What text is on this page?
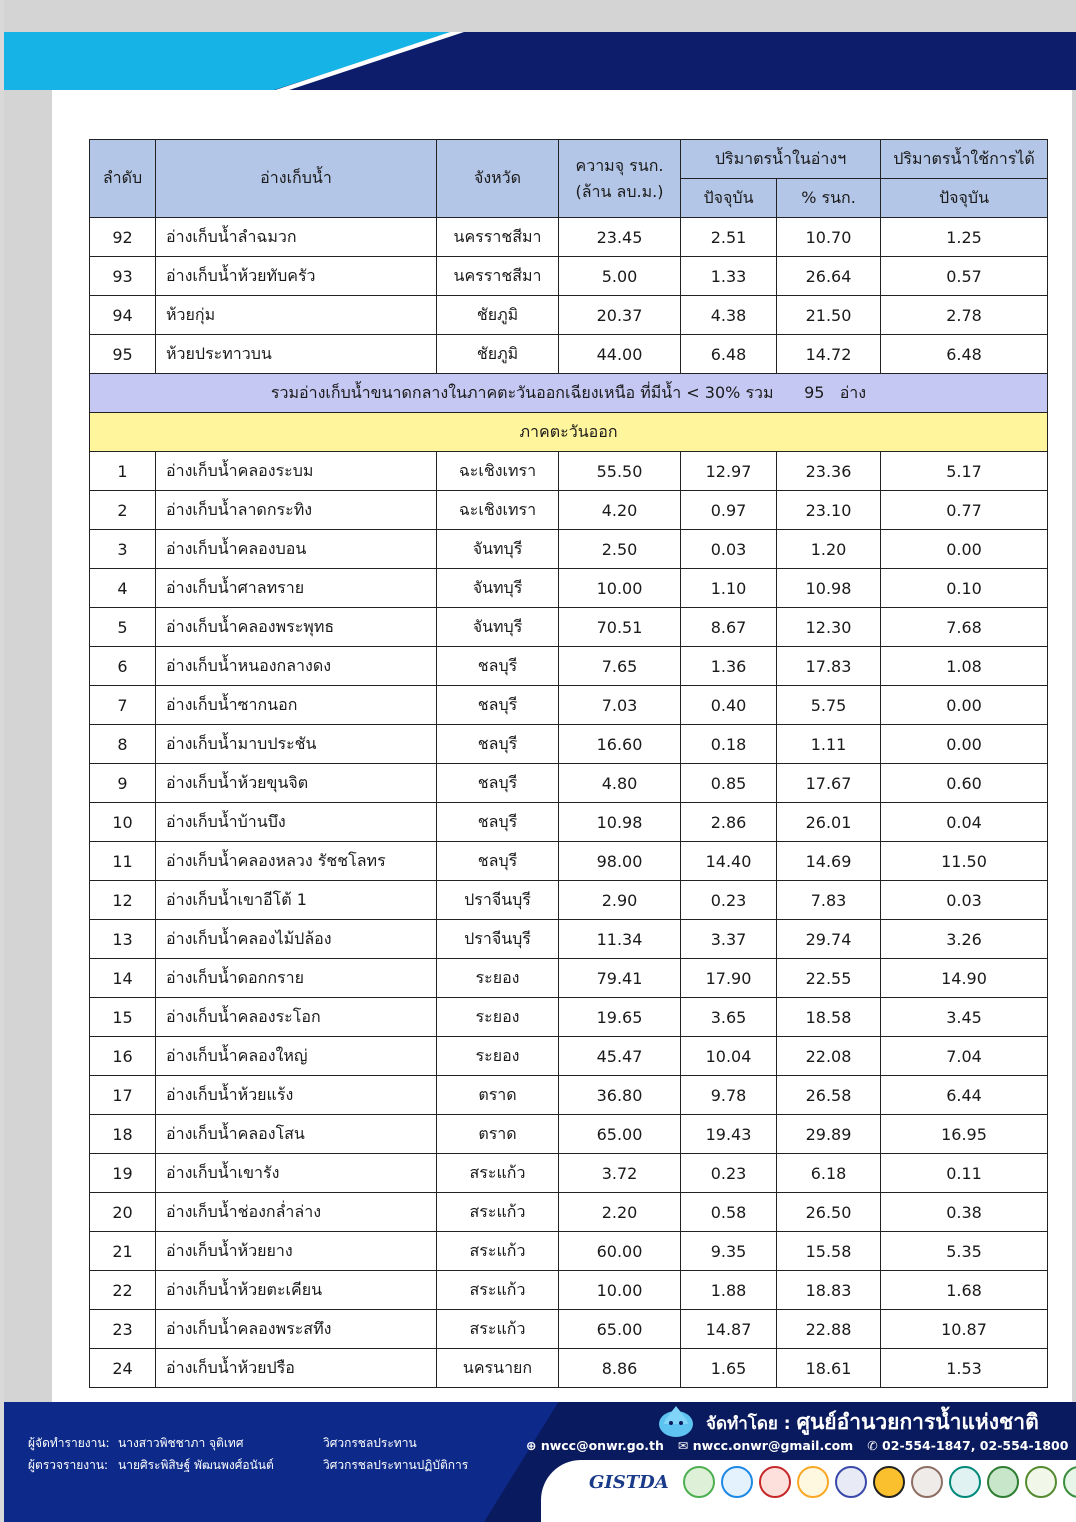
ลำดับ	อ่างเก็บน้ำ	จังหวัด	ความจุ รนก.
(ล้าน ลบ.ม.)	ปริมาตรน้ำในอ่างฯ		ปริมาตรน้ำใช้การได้
				ปัจจุบัน	% รนก.	ปัจจุบัน
92	อ่างเก็บน้ำลำฉมวก	นครราชสีมา	23.45	2.51	10.70	1.25
93	อ่างเก็บน้ำห้วยทับครัว	นครราชสีมา	5.00	1.33	26.64	0.57
94	ห้วยกุ่ม	ชัยภูมิ	20.37	4.38	21.50	2.78
95	ห้วยประทาวบน	ชัยภูมิ	44.00	6.48	14.72	6.48
รวมอ่างเก็บน้ำขนาดกลางในภาคตะวันออกเฉียงเหนือ ที่มีน้ำ < 30% รวม      95   อ่าง						
ภาคตะวันออก						
1	อ่างเก็บน้ำคลองระบม	ฉะเชิงเทรา	55.50	12.97	23.36	5.17
2	อ่างเก็บน้ำลาดกระทิง	ฉะเชิงเทรา	4.20	0.97	23.10	0.77
3	อ่างเก็บน้ำคลองบอน	จันทบุรี	2.50	0.03	1.20	0.00
4	อ่างเก็บน้ำศาลทราย	จันทบุรี	10.00	1.10	10.98	0.10
5	อ่างเก็บน้ำคลองพระพุทธ	จันทบุรี	70.51	8.67	12.30	7.68
6	อ่างเก็บน้ำหนองกลางดง	ชลบุรี	7.65	1.36	17.83	1.08
7	อ่างเก็บน้ำซากนอก	ชลบุรี	7.03	0.40	5.75	0.00
8	อ่างเก็บน้ำมาบประชัน	ชลบุรี	16.60	0.18	1.11	0.00
9	อ่างเก็บน้ำห้วยขุนจิต	ชลบุรี	4.80	0.85	17.67	0.60
10	อ่างเก็บน้ำบ้านบึง	ชลบุรี	10.98	2.86	26.01	0.04
11	อ่างเก็บน้ำคลองหลวง รัชชโลทร	ชลบุรี	98.00	14.40	14.69	11.50
12	อ่างเก็บน้ำเขาอีโต้ 1	ปราจีนบุรี	2.90	0.23	7.83	0.03
13	อ่างเก็บน้ำคลองไม้ปล้อง	ปราจีนบุรี	11.34	3.37	29.74	3.26
14	อ่างเก็บน้ำดอกกราย	ระยอง	79.41	17.90	22.55	14.90
15	อ่างเก็บน้ำคลองระโอก	ระยอง	19.65	3.65	18.58	3.45
16	อ่างเก็บน้ำคลองใหญ่	ระยอง	45.47	10.04	22.08	7.04
17	อ่างเก็บน้ำห้วยแร้ง	ตราด	36.80	9.78	26.58	6.44
18	อ่างเก็บน้ำคลองโสน	ตราด	65.00	19.43	29.89	16.95
19	อ่างเก็บน้ำเขารัง	สระแก้ว	3.72	0.23	6.18	0.11
20	อ่างเก็บน้ำช่องกล่ำล่าง	สระแก้ว	2.20	0.58	26.50	0.38
21	อ่างเก็บน้ำห้วยยาง	สระแก้ว	60.00	9.35	15.58	5.35
22	อ่างเก็บน้ำห้วยตะเคียน	สระแก้ว	10.00	1.88	18.83	1.68
23	อ่างเก็บน้ำคลองพระสทึง	สระแก้ว	65.00	14.87	22.88	10.87
24	อ่างเก็บน้ำห้วยปรือ	นครนายก	8.86	1.65	18.61	1.53
ผู้จัดทำรายงาน: นางสาวพิชชาภา จุติเทศ	วิศวกรชลประทาน
ผู้ตรวจรายงาน: นายศิระพิสิษฐ์ พัฒนพงศ์อนันต์	วิศวกรชลประทานปฏิบัติการ
จัดทำโดย : ศูนย์อำนวยการน้ำแห่งชาติ
⊕ nwcc@onwr.go.th ✉ nwcc.onwr@gmail.com ✆ 02-554-1847, 02-554-1800
GISTDA
